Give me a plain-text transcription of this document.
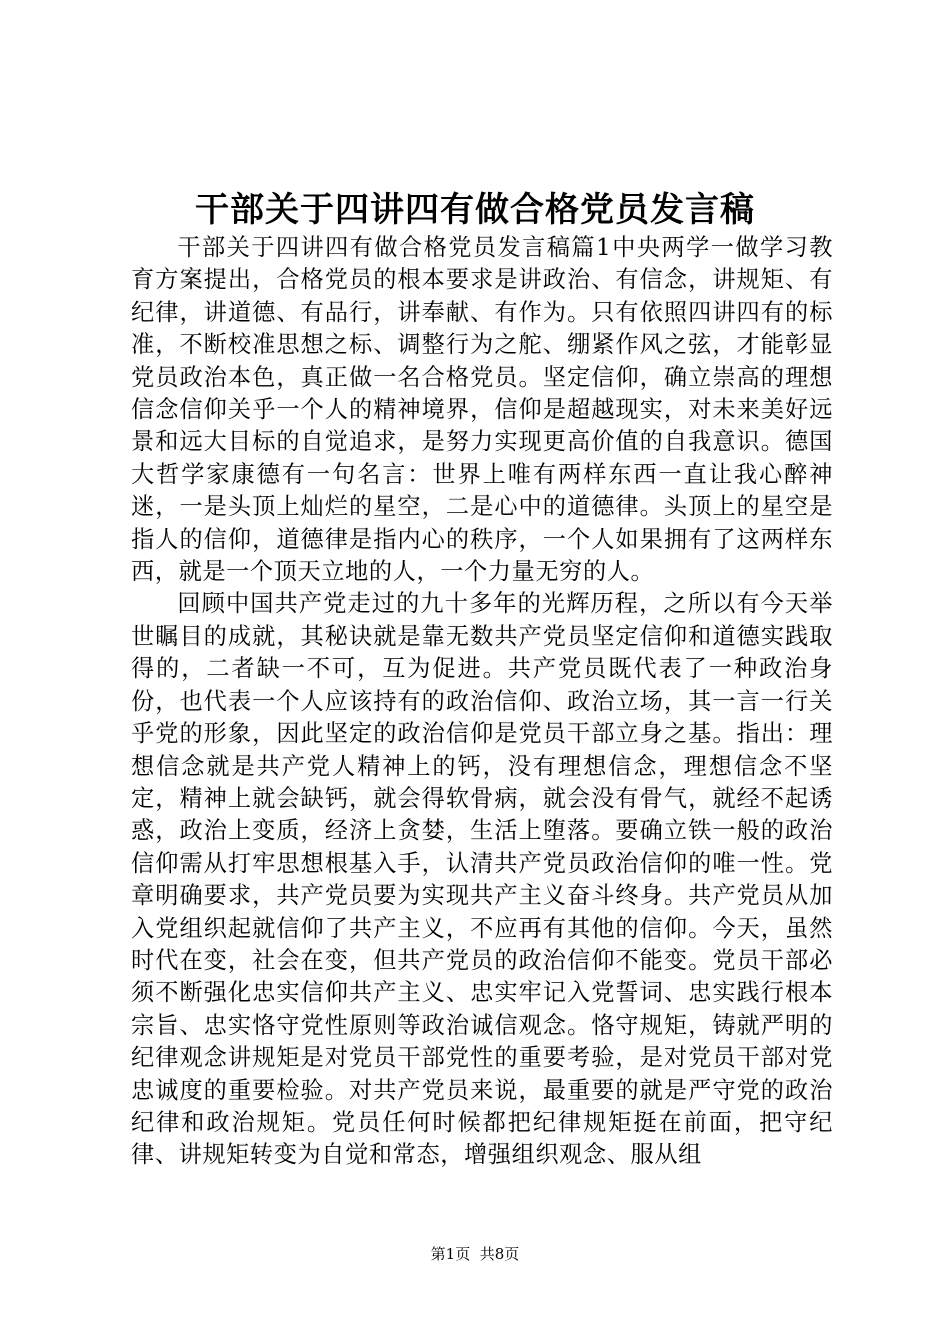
干部关于四讲四有做合格党员发言稿

干部关于四讲四有做合格党员发言稿篇1中央两学一做学习教育方案提出，合格党员的根本要求是讲政治、有信念，讲规矩、有纪律，讲道德、有品行，讲奉献、有作为。只有依照四讲四有的标准，不断校准思想之标、调整行为之舵、绷紧作风之弦，才能彰显党员政治本色，真正做一名合格党员。坚定信仰，确立崇高的理想信念信仰关乎一个人的精神境界，信仰是超越现实，对未来美好远景和远大目标的自觉追求，是努力实现更高价值的自我意识。德国大哲学家康德有一句名言：世界上唯有两样东西一直让我心醉神迷，一是头顶上灿烂的星空，二是心中的道德律。头顶上的星空是指人的信仰，道德律是指内心的秩序，一个人如果拥有了这两样东西，就是一个顶天立地的人，一个力量无穷的人。

回顾中国共产党走过的九十多年的光辉历程，之所以有今天举世瞩目的成就，其秘诀就是靠无数共产党员坚定信仰和道德实践取得的，二者缺一不可，互为促进。共产党员既代表了一种政治身份，也代表一个人应该持有的政治信仰、政治立场，其一言一行关乎党的形象，因此坚定的政治信仰是党员干部立身之基。指出：理想信念就是共产党人精神上的钙，没有理想信念，理想信念不坚定，精神上就会缺钙，就会得软骨病，就会没有骨气，就经不起诱惑，政治上变质，经济上贪婪，生活上堕落。要确立铁一般的政治信仰需从打牢思想根基入手，认清共产党员政治信仰的唯一性。党章明确要求，共产党员要为实现共产主义奋斗终身。共产党员从加入党组织起就信仰了共产主义，不应再有其他的信仰。今天，虽然时代在变，社会在变，但共产党员的政治信仰不能变。党员干部必须不断强化忠实信仰共产主义、忠实牢记入党誓词、忠实践行根本宗旨、忠实恪守党性原则等政治诚信观念。恪守规矩，铸就严明的纪律观念讲规矩是对党员干部党性的重要考验，是对党员干部对党忠诚度的重要检验。对共产党员来说，最重要的就是严守党的政治纪律和政治规矩。党员任何时候都把纪律规矩挺在前面，把守纪律、讲规矩转变为自觉和常态，增强组织观念、服从组

第1页 共8页
